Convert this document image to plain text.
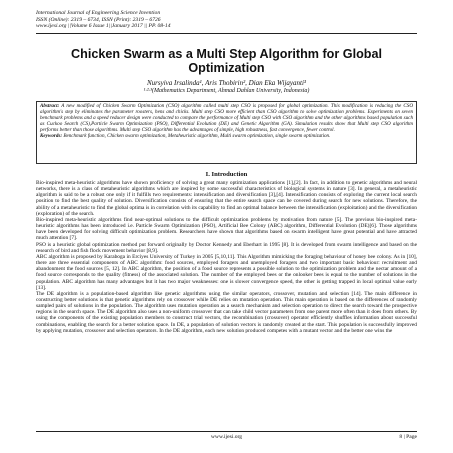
International Journal of Engineering Science Invention
ISSN (Online): 2319 – 6734, ISSN (Print): 2319 – 6726
www.ijesi.org ||Volume 6 Issue 1||January 2017 || PP. 08-14
Chicken Swarm as a Multi Step Algorithm for Global Optimization
Nursyiva Irsalinda¹, Aris Thobirin², Dian Eka Wijayanti³
¹·²·³(Mathematics Department, Ahmad Dahlan University, Indonesia)
Abstract: A new modified of Chicken Swarm Optimization (CSO) algorithm called multi step CSO is proposed for global optimization. This modification is reducing the CSO algorithm's step by eliminates the parameter roosters, hens and chicks. Multi step CSO more efficient than CSO algorithm to solve optimization problems. Experiments on seven benchmark problems and a speed reducer design were conducted to compare the performance of Multi step CSO with CSO algorithm and the other algorithms based population such as Cuckoo Search (CS),Particle Swarm Optimization (PSO), Differential Evolution (DE) and Genetic Algorithm (GA). Simulation results show that Multi step CSO algorithm performs better than those algorithms. Multi step CSO algorithm has the advantages of simple, high robustness, fast convergence, fewer control.
Keywords: Benchmark function, Chicken swarm optimization, Metaheuristic algorithm, Multi swarm optimization, single swarm optimization.
I. Introduction

Bio-inspired meta-heuristic algorithms have shown proficiency of solving a great many optimization applications [1],[2]. In fact, in addition to genetic algorithms and neural networks, there is a class of metaheuristic algorithms which are inspired by some successful characteristics of biological systems in nature [3]. In general, a metaheuristic algorithm is said to be a robust one only if it fulfills two requirements: intensification and diversification [3],[4]. Intensification consists of exploring the current local search position to find the best quality of solution. Diversification consists of ensuring that the entire search space can be covered during search for new solutions. Therefore, the ability of a metaheuristic to find the global optima is in correlation with its capability to find an optimal balance between the intensification (exploitation) and the diversification (exploration) of the search.

Bio-inspired meta-heuristic algorithms find near-optimal solutions to the difficult optimization problems by motivation from nature [5]. The previous bio-inspired meta-heuristic algorithms has been introduced i.e. Particle Swarm Optimization (PSO), Artificial Bee Colony (ABC) algorithm, Differential Evolution (DE)[6]. Those algorithms have been developed for solving difficult optimization problem. Researchers have shown that algorithms based on swarm intelligent have great potential and have attracted much attention [7].

PSO is a heuristic global optimization method put forward originally by Doctor Kennedy and Eberhart in 1995 [8]. It is developed from swarm intelligence and based on the research of bird and fish flock movement behavior [8,9].

ABC algorithm is proposed by Karaboga in Erciyes University of Turkey in 2005 [5,10,11]. This Algorithm mimicking the foraging behaviour of honey bee colony. As in [10], there are three essential components of ABC algorithm: food sources, employed foragers and unemployed foragers and two important basic behaviour: recruitment and abandonment the food sources [5, 12]. In ABC algorithm, the position of a food source represents a possible solution to the optimization problem and the nectar amount of a food source corresponds to the quality (fitness) of the associated solution. The number of the employed bees or the onlooker bees is equal to the number of solutions in the population. ABC algorithm has many advantages but it has two major weaknesses: one is slower convergence speed, the other is getting trapped in local optimal value early [13].

The DE algorithm is a population-based algorithm like genetic algorithms using the similar operators, crossover, mutation and selection [14]. The main difference in constructing better solutions is that genetic algorithms rely on crossover while DE relies on mutation operation. This main operation is based on the differences of randomly sampled pairs of solutions in the population. The algorithm uses mutation operation as a search mechanism and selection operation to direct the search toward the prospective regions in the search space. The DE algorithm also uses a non-uniform crossover that can take child vector parameters from one parent more often than it does from others. By using the components of the existing population members to construct trial vectors, the recombination (crossover) operator efficiently shuffles information about successful combinations, enabling the search for a better solution space. In DE, a population of solution vectors is randomly created at the start. This population is successfully improved by applying mutation, crossover and selection operators. In the DE algorithm, each new solution produced competes with a mutant vector and the better one wins the

www.ijesi.org	8 | Page
